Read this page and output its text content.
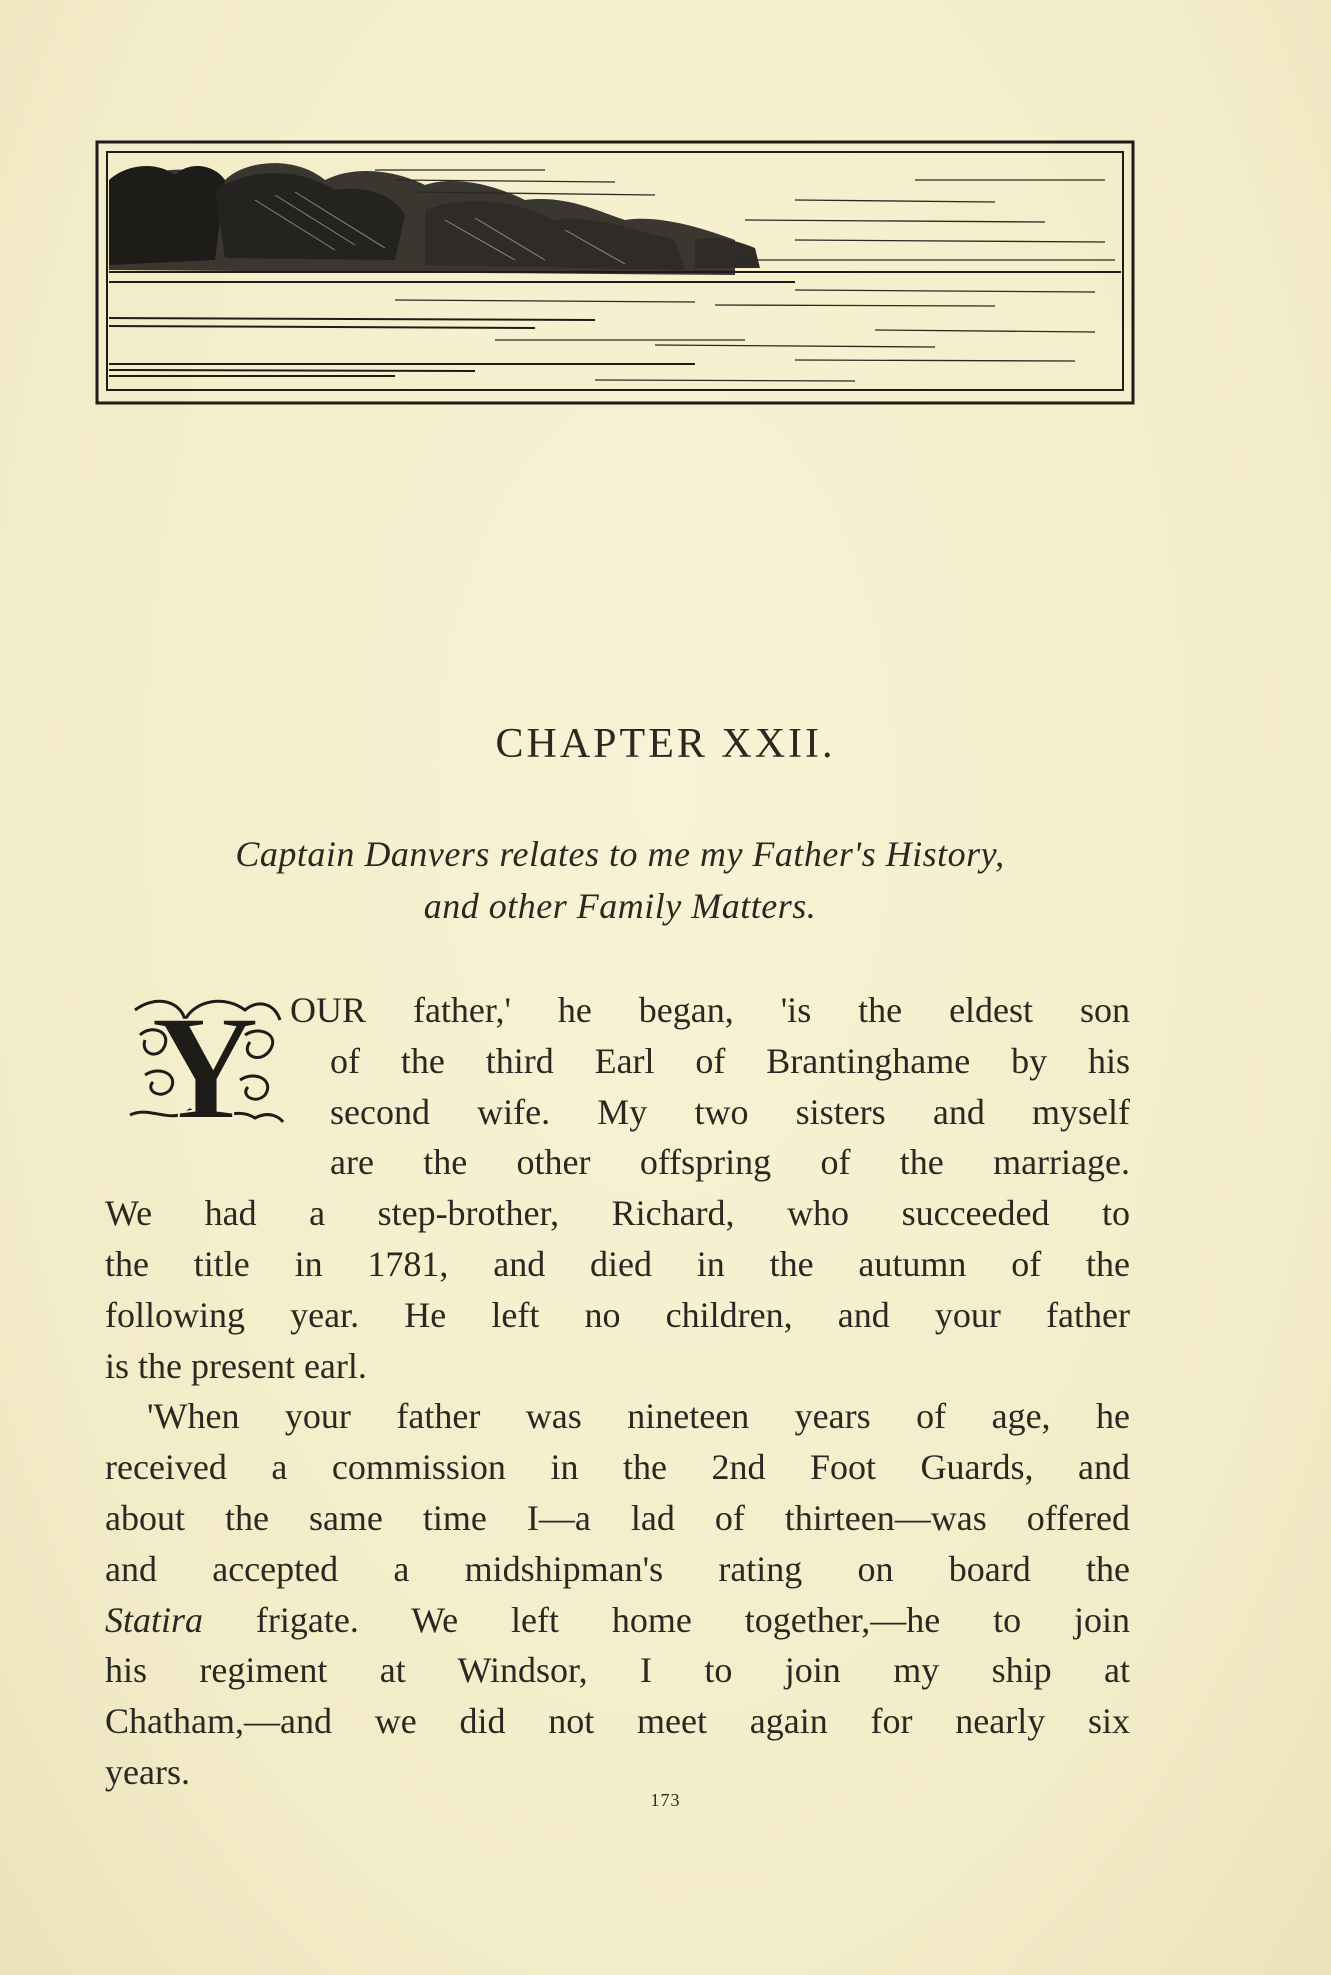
CHAPTER XXII.
Captain Danvers relates to me my Father's History,
and other Family Matters.
Y OUR father,' he began, 'is the eldest son
of the third Earl of Brantinghame by his
second wife. My two sisters and myself
are the other offspring of the marriage.
We had a step-brother, Richard, who succeeded to
the title in 1781, and died in the autumn of the
following year. He left no children, and your father
is the present earl.
'When your father was nineteen years of age, he
received a commission in the 2nd Foot Guards, and
about the same time I—a lad of thirteen—was offered
and accepted a midshipman's rating on board the
Statira frigate. We left home together,—he to join
his regiment at Windsor, I to join my ship at
Chatham,—and we did not meet again for nearly six
years.
173
